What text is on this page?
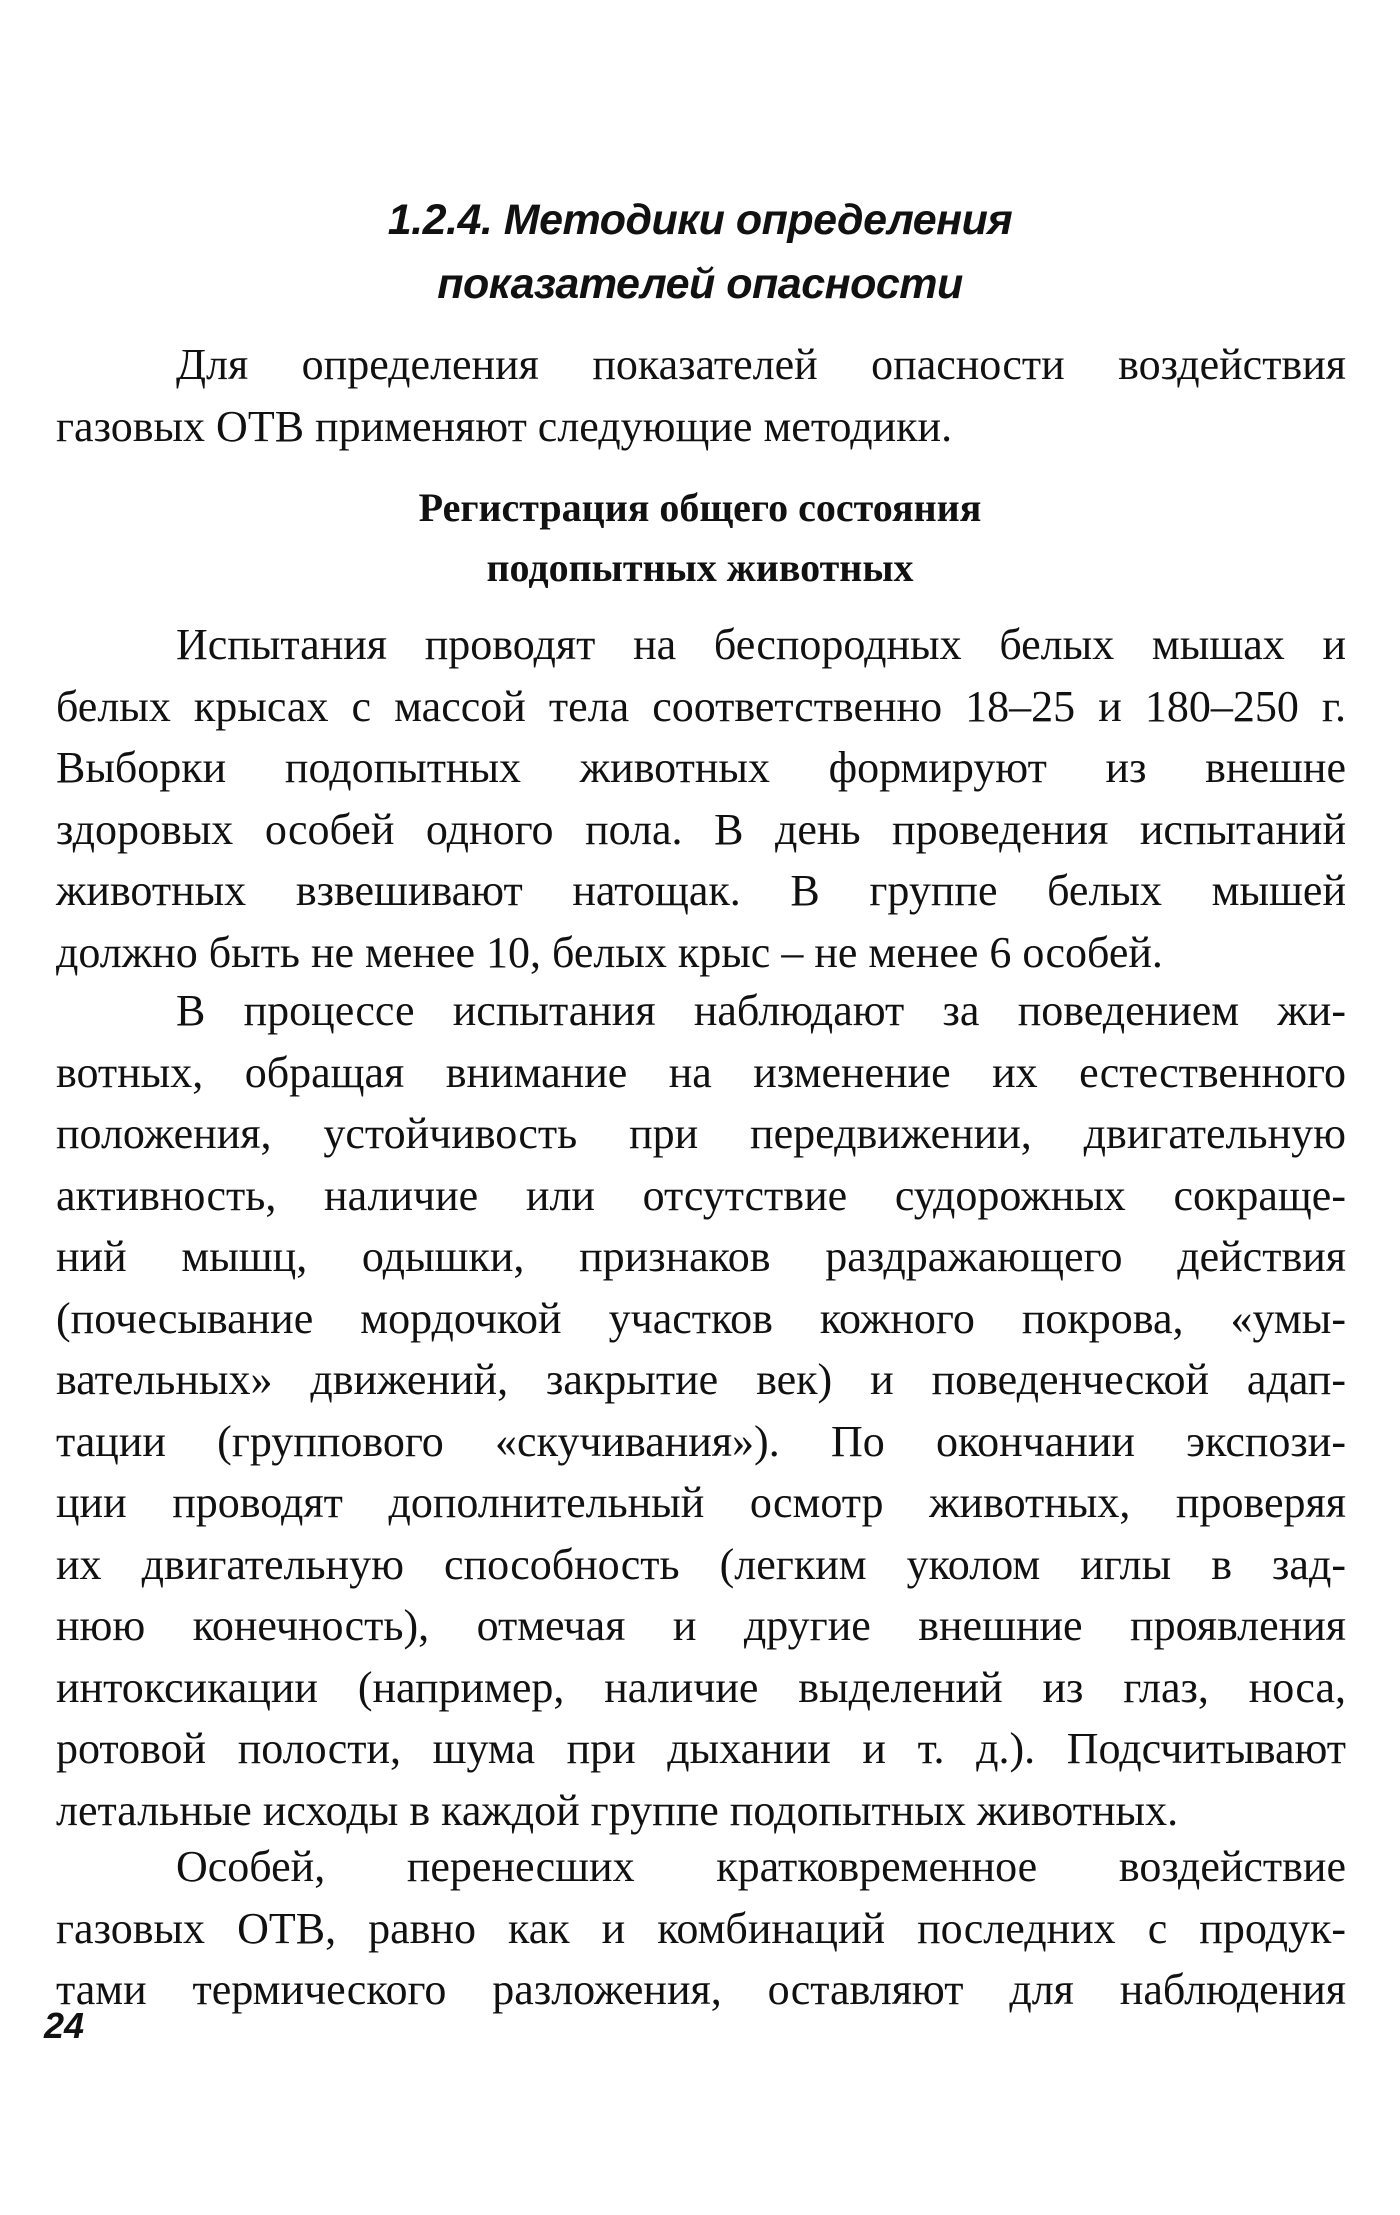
1.2.4. Методики определения
показателей опасности
Для определения показателей опасности воздействия
газовых ОТВ применяют следующие методики.
Регистрация общего состояния
подопытных животных
Испытания проводят на беспородных белых мышах и
белых крысах с массой тела соответственно 18–25 и 180–250 г.
Выборки подопытных животных формируют из внешне
здоровых особей одного пола. В день проведения испытаний
животных взвешивают натощак. В группе белых мышей
должно быть не менее 10, белых крыс – не менее 6 особей.
В процессе испытания наблюдают за поведением жи-
вотных, обращая внимание на изменение их естественного
положения, устойчивость при передвижении, двигательную
активность, наличие или отсутствие судорожных сокраще-
ний мышц, одышки, признаков раздражающего действия
(почесывание мордочкой участков кожного покрова, «умы-
вательных» движений, закрытие век) и поведенческой адап-
тации (группового «скучивания»). По окончании экспози-
ции проводят дополнительный осмотр животных, проверяя
их двигательную способность (легким уколом иглы в зад-
нюю конечность), отмечая и другие внешние проявления
интоксикации (например, наличие выделений из глаз, носа,
ротовой полости, шума при дыхании и т. д.). Подсчитывают
летальные исходы в каждой группе подопытных животных.
Особей, перенесших кратковременное воздействие
газовых ОТВ, равно как и комбинаций последних с продук-
тами термического разложения, оставляют для наблюдения
24
